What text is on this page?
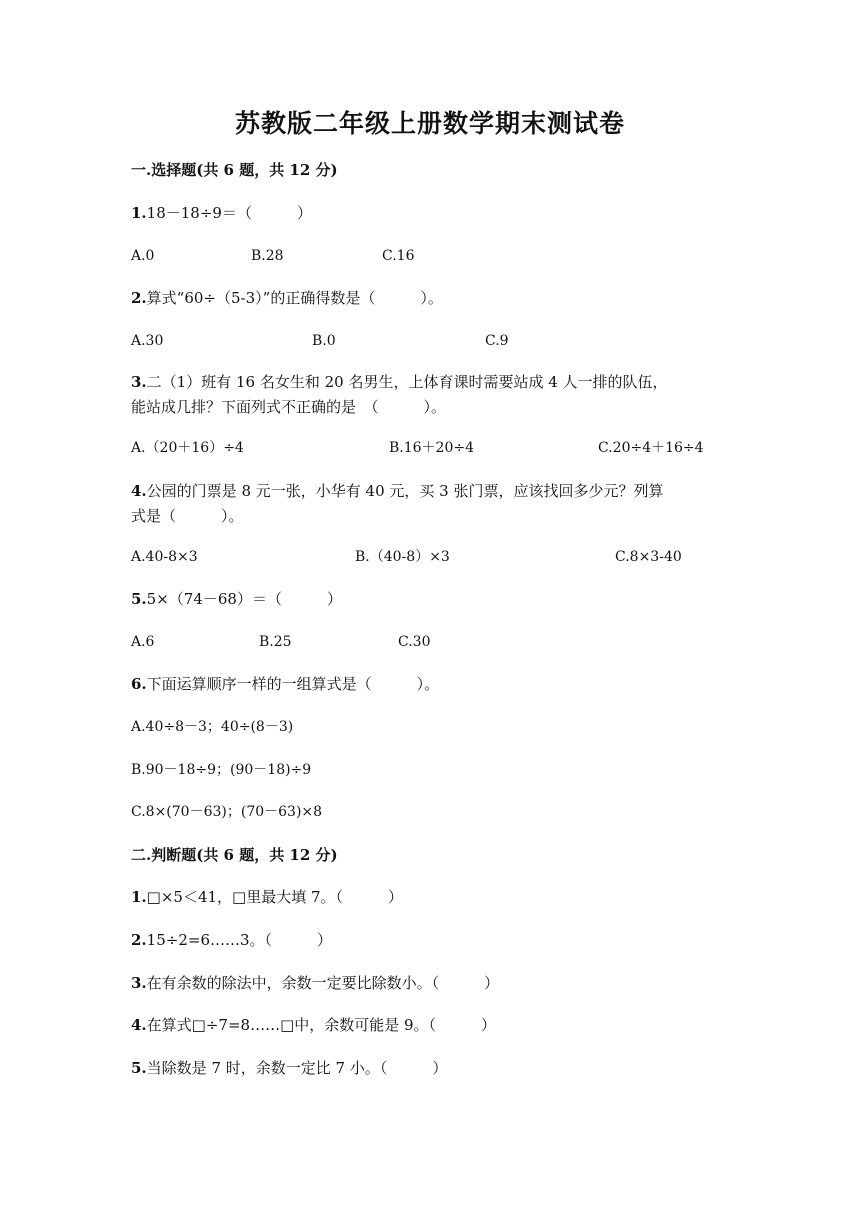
苏教版二年级上册数学期末测试卷
一.选择题(共 6 题，共 12 分)
1.18－18÷9＝（　　　）
A.0	B.28	C.16
2.算式“60÷（5-3）”的正确得数是（　　　）。
A.30	B.0	C.9
3.二（1）班有 16 名女生和 20 名男生，上体育课时需要站成 4 人一排的队伍，
能站成几排？下面列式不正确的是　（　　　）。
A.（20＋16）÷4	B.16＋20÷4	C.20÷4＋16÷4
4.公园的门票是 8 元一张，小华有 40 元，买 3 张门票，应该找回多少元？列算
式是（　　　）。
A.40-8×3	B.（40-8）×3	C.8×3-40
5.5×（74－68）＝（　　　）
A.6	B.25	C.30
6.下面运算顺序一样的一组算式是（　　　）。
A.40÷8－3；40÷(8－3)
B.90－18÷9；(90－18)÷9
C.8×(70－63)；(70－63)×8
二.判断题(共 6 题，共 12 分)
1.□×5＜41，□里最大填 7。（　　　）
2.15÷2=6……3。（　　　）
3.在有余数的除法中，余数一定要比除数小。（　　　）
4.在算式□÷7=8……□中，余数可能是 9。（　　　）
5.当除数是 7 时，余数一定比 7 小。（　　　）
